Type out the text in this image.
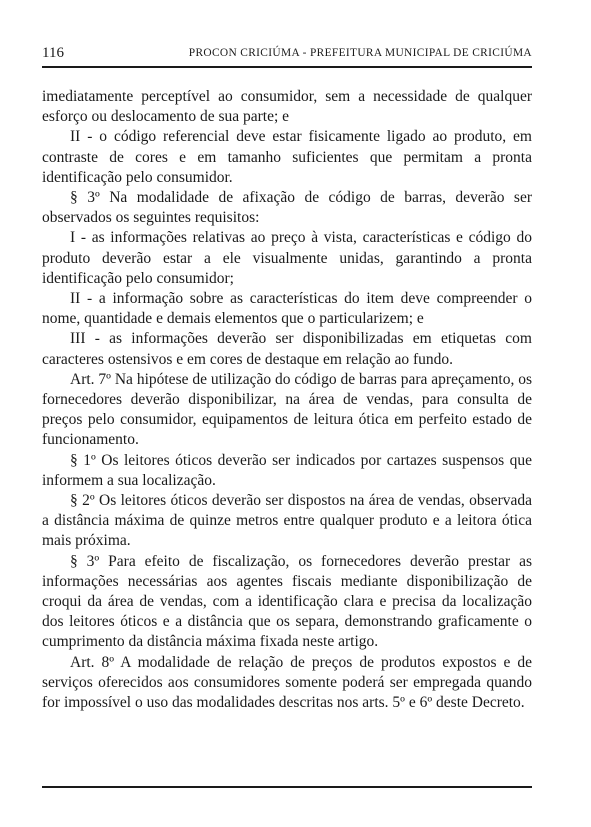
116	PROCON CRICIÚMA - PREFEITURA MUNICIPAL DE CRICIÚMA

imediatamente perceptível ao consumidor, sem a necessidade de qualquer esforço ou deslocamento de sua parte; e

II - o código referencial deve estar fisicamente ligado ao produto, em contraste de cores e em tamanho suficientes que permitam a pronta identificação pelo consumidor.

§ 3º Na modalidade de afixação de código de barras, deverão ser observados os seguintes requisitos:

I - as informações relativas ao preço à vista, características e código do produto deverão estar a ele visualmente unidas, garantindo a pronta identificação pelo consumidor;

II - a informação sobre as características do item deve compreender o nome, quantidade e demais elementos que o particularizem; e

III - as informações deverão ser disponibilizadas em etiquetas com caracteres ostensivos e em cores de destaque em relação ao fundo.

Art. 7º Na hipótese de utilização do código de barras para apreçamento, os fornecedores deverão disponibilizar, na área de vendas, para consulta de preços pelo consumidor, equipamentos de leitura ótica em perfeito estado de funcionamento.

§ 1º Os leitores óticos deverão ser indicados por cartazes suspensos que informem a sua localização.

§ 2º Os leitores óticos deverão ser dispostos na área de vendas, observada a distância máxima de quinze metros entre qualquer produto e a leitora ótica mais próxima.

§ 3º Para efeito de fiscalização, os fornecedores deverão prestar as informações necessárias aos agentes fiscais mediante disponibilização de croqui da área de vendas, com a identificação clara e precisa da localização dos leitores óticos e a distância que os separa, demonstrando graficamente o cumprimento da distância máxima fixada neste artigo.

Art. 8º A modalidade de relação de preços de produtos expostos e de serviços oferecidos aos consumidores somente poderá ser empregada quando for impossível o uso das modalidades descritas nos arts. 5º e 6º deste Decreto.
